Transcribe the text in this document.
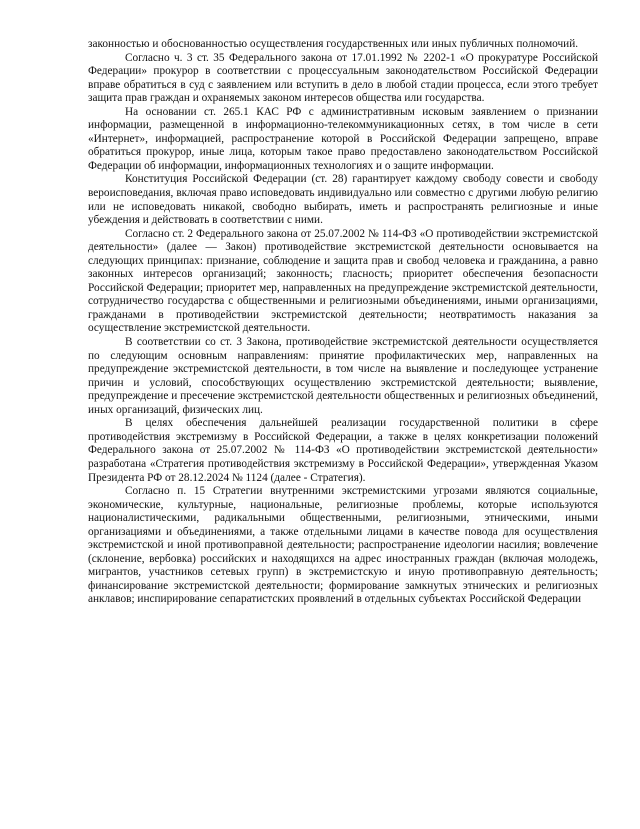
законностью и обоснованностью осуществления государственных или иных публичных полномочий.

Согласно ч. 3 ст. 35 Федерального закона от 17.01.1992 № 2202-1 «О прокуратуре Российской Федерации» прокурор в соответствии с процессуальным законодательством Российской Федерации вправе обратиться в суд с заявлением или вступить в дело в любой стадии процесса, если этого требует защита прав граждан и охраняемых законом интересов общества или государства.

На основании ст. 265.1 КАС РФ с административным исковым заявлением о признании информации, размещенной в информационно-телекоммуникационных сетях, в том числе в сети «Интернет», информацией, распространение которой в Российской Федерации запрещено, вправе обратиться прокурор, иные лица, которым такое право предоставлено законодательством Российской Федерации об информации, информационных технологиях и о защите информации.

Конституция Российской Федерации (ст. 28) гарантирует каждому свободу совести и свободу вероисповедания, включая право исповедовать индивидуально или совместно с другими любую религию или не исповедовать никакой, свободно выбирать, иметь и распространять религиозные и иные убеждения и действовать в соответствии с ними.

Согласно ст. 2 Федерального закона от 25.07.2002 № 114-ФЗ «О противодействии экстремистской деятельности» (далее — Закон) противодействие экстремистской деятельности основывается на следующих принципах: признание, соблюдение и защита прав и свобод человека и гражданина, а равно законных интересов организаций; законность; гласность; приоритет обеспечения безопасности Российской Федерации; приоритет мер, направленных на предупреждение экстремистской деятельности, сотрудничество государства с общественными и религиозными объединениями, иными организациями, гражданами в противодействии экстремистской деятельности; неотвратимость наказания за осуществление экстремистской деятельности.

В соответствии со ст. 3 Закона, противодействие экстремистской деятельности осуществляется по следующим основным направлениям: принятие профилактических мер, направленных на предупреждение экстремистской деятельности, в том числе на выявление и последующее устранение причин и условий, способствующих осуществлению экстремистской деятельности; выявление, предупреждение и пресечение экстремистской деятельности общественных и религиозных объединений, иных организаций, физических лиц.

В целях обеспечения дальнейшей реализации государственной политики в сфере противодействия экстремизму в Российской Федерации, а также в целях конкретизации положений Федерального закона от 25.07.2002 № 114-ФЗ «О противодействии экстремистской деятельности» разработана «Стратегия противодействия экстремизму в Российской Федерации», утвержденная Указом Президента РФ от 28.12.2024 № 1124 (далее - Стратегия).

Согласно п. 15 Стратегии внутренними экстремистскими угрозами являются социальные, экономические, культурные, национальные, религиозные проблемы, которые используются националистическими, радикальными общественными, религиозными, этническими, иными организациями и объединениями, а также отдельными лицами в качестве повода для осуществления экстремистской и иной противоправной деятельности; распространение идеологии насилия; вовлечение (склонение, вербовка) российских и находящихся на адрес иностранных граждан (включая молодежь, мигрантов, участников сетевых групп) в экстремистскую и иную противоправную деятельность; финансирование экстремистской деятельности; формирование замкнутых этнических и религиозных анклавов; инспирирование сепаратистских проявлений в отдельных субъектах Российской Федерации
